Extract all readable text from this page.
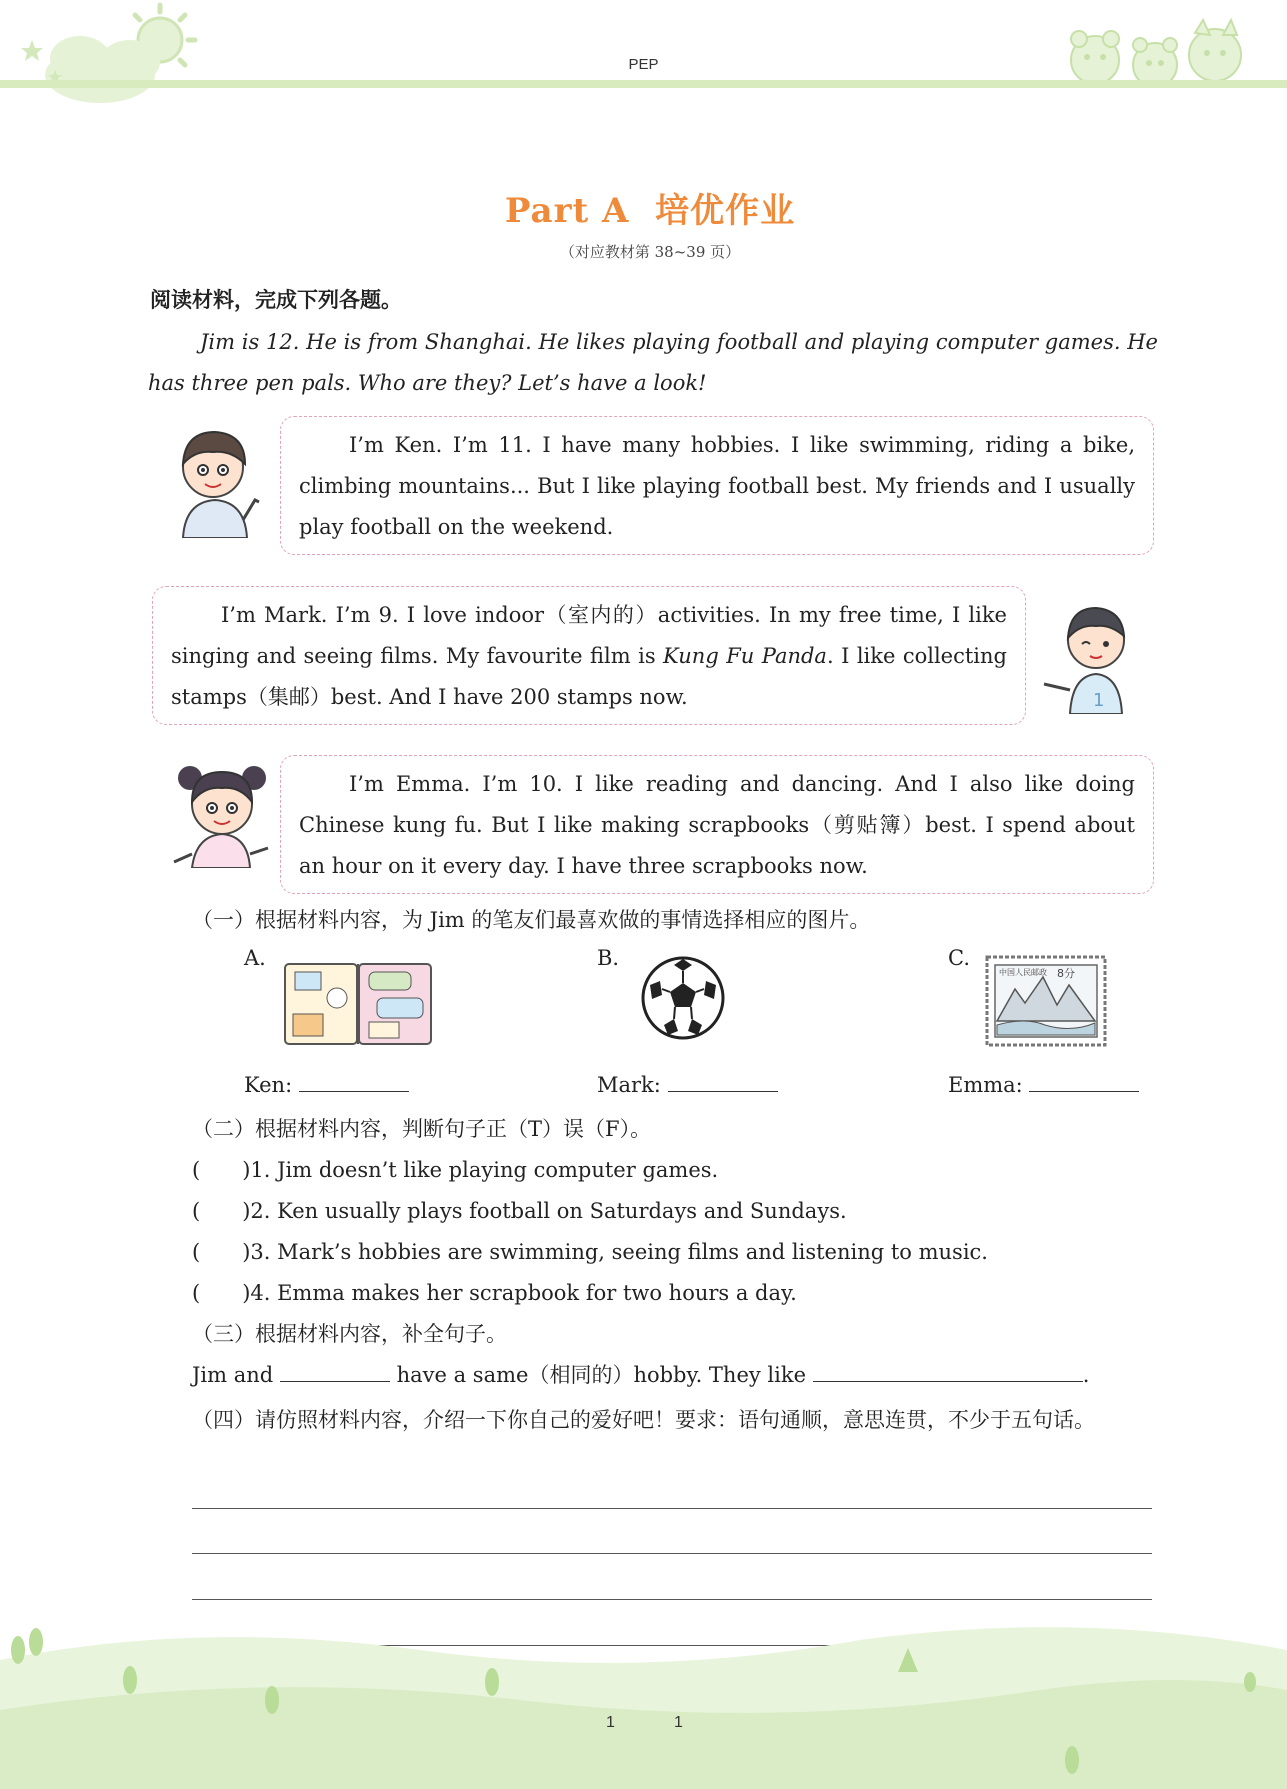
PEP
Part A  培优作业
（对应教材第 38~39 页）
阅读材料，完成下列各题。
Jim is 12. He is from Shanghai. He likes playing football and playing computer games. He has three pen pals. Who are they? Let’s have a look!
I’m Ken. I’m 11. I have many hobbies. I like swimming, riding a bike, climbing mountains... But I like playing football best. My friends and I usually play football on the weekend.
I’m Mark. I’m 9. I love indoor（室内的）activities. In my free time, I like singing and seeing films. My favourite film is Kung Fu Panda. I like collecting stamps（集邮）best. And I have 200 stamps now.	1
I’m Emma. I’m 10. I like reading and dancing. And I also like doing Chinese kung fu. But I like making scrapbooks（剪贴簿）best. I spend about an hour on it every day. I have three scrapbooks now.
（一）根据材料内容，为 Jim 的笔友们最喜欢做的事情选择相应的图片。
A.	B.	C.
中国人民邮政 8分
Ken:	Mark:	Emma:
（二）根据材料内容，判断句子正（T）误（F）。
(　　)1. Jim doesn’t like playing computer games.
(　　)2. Ken usually plays football on Saturdays and Sundays.
(　　)3. Mark’s hobbies are swimming, seeing films and listening to music.
(　　)4. Emma makes her scrapbook for two hours a day.
（三）根据材料内容，补全句子。
Jim and	have a same（相同的）hobby. They like	.
（四）请仿照材料内容，介绍一下你自己的爱好吧！要求：语句通顺，意思连贯，不少于五句话。
1	1
